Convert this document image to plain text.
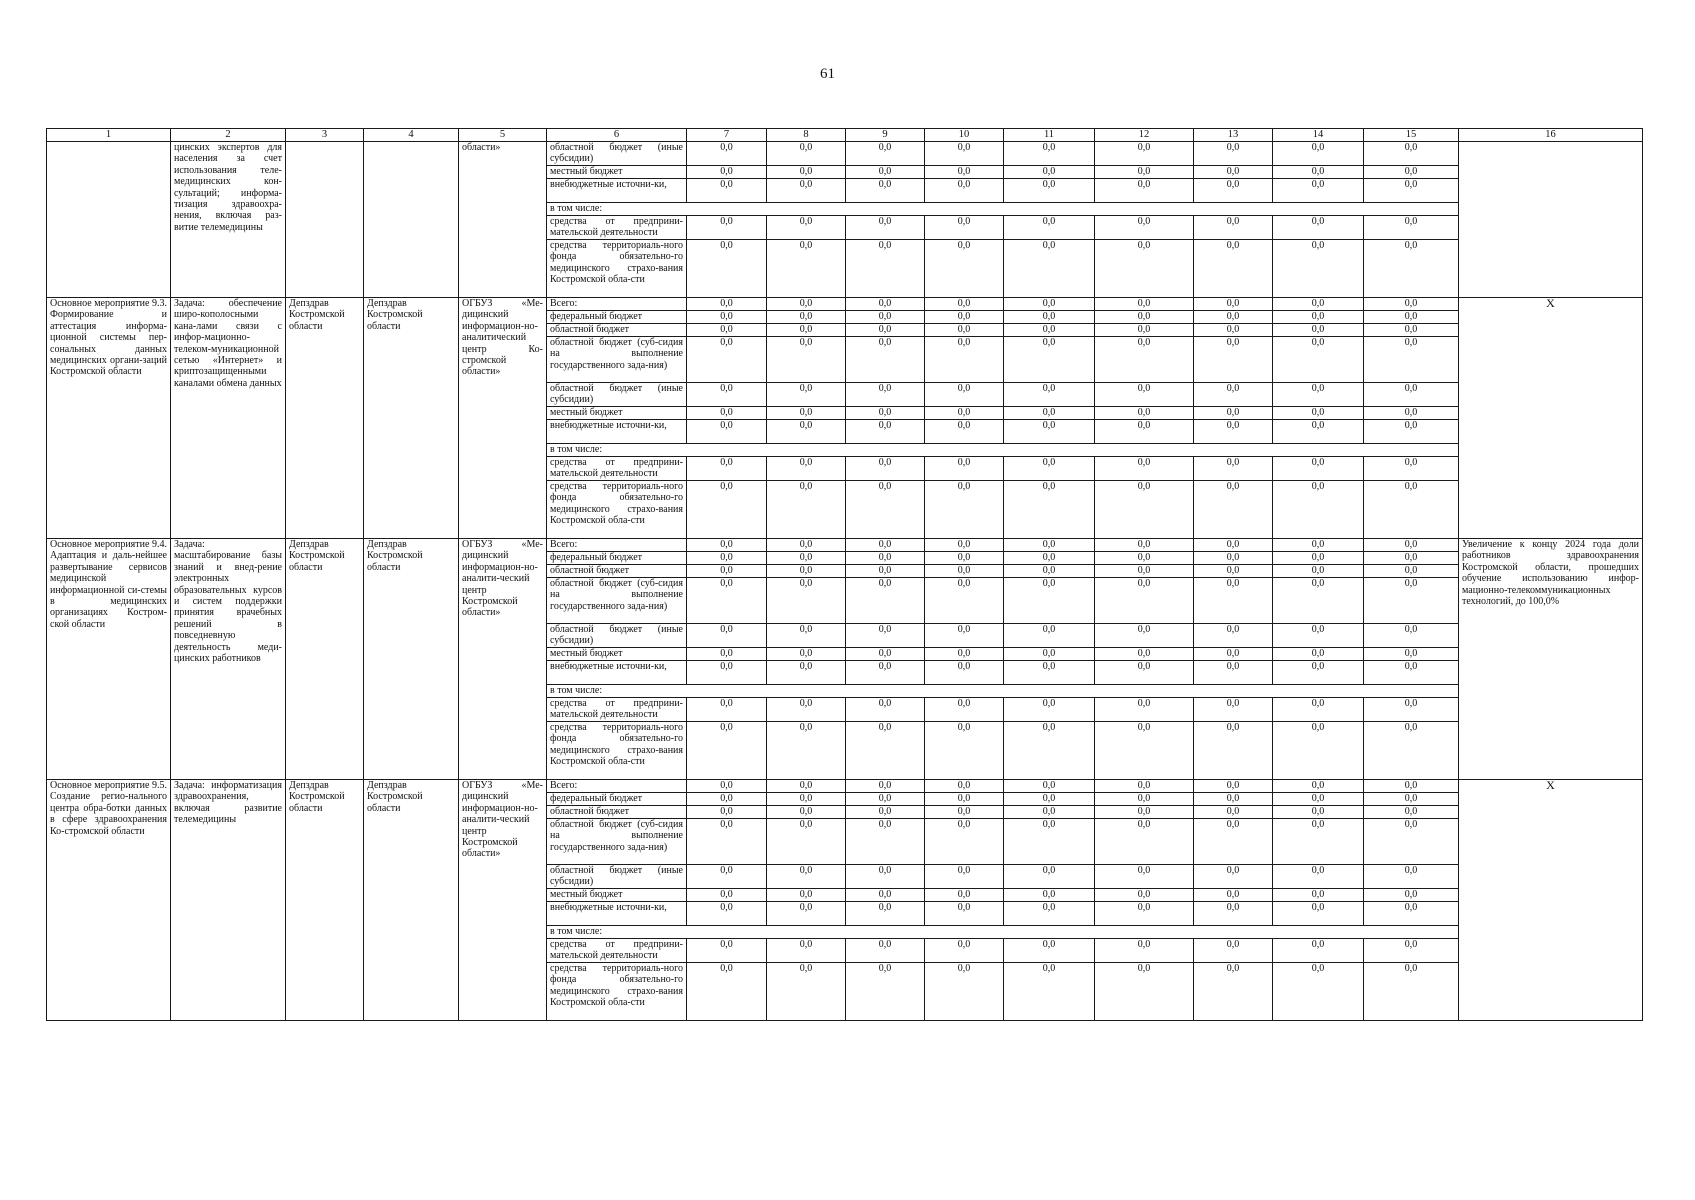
61
1	2	3	4	5	6	7	8	9	10	11	12	13	14	15	16
	цинских экспертов для населения за счет использования теле-медицинских кон-сультаций; информа-тизация здравоохра-нения, включая раз-витие телемедицины			области»	областной бюджет (иные субсидии)	0,0	0,0	0,0	0,0	0,0	0,0	0,0	0,0	0,0	
					местный бюджет	0,0	0,0	0,0	0,0	0,0	0,0	0,0	0,0	0,0	
					внебюджетные источни-ки,	0,0	0,0	0,0	0,0	0,0	0,0	0,0	0,0	0,0	
					в том числе:										
					средства от предприни-мательской деятельности	0,0	0,0	0,0	0,0	0,0	0,0	0,0	0,0	0,0	
					средства территориаль-ного фонда обязательно-го медицинского страхо-вания Костромской обла-сти	0,0	0,0	0,0	0,0	0,0	0,0	0,0	0,0	0,0	
Основное мероприятие 9.3. Формирование и аттестация информа-ционной системы пер-сональных данных медицинских органи-заций Костромской области	Задача: обеспечение широ-кополосными кана-лами связи с инфор-мационно-телеком-муникационной сетью «Интернет» и криптозащищенными каналами обмена данных	Депздрав Костромской области	Депздрав Костромской области	ОГБУЗ «Ме-дицинский информацион-но-аналитический центр Ко-стромской области»	Всего:	0,0	0,0	0,0	0,0	0,0	0,0	0,0	0,0	0,0	Х
					федеральный бюджет	0,0	0,0	0,0	0,0	0,0	0,0	0,0	0,0	0,0	
					областной бюджет	0,0	0,0	0,0	0,0	0,0	0,0	0,0	0,0	0,0	
					областной бюджет (суб-сидия на выполнение государственного зада-ния)	0,0	0,0	0,0	0,0	0,0	0,0	0,0	0,0	0,0	
					областной бюджет (иные субсидии)	0,0	0,0	0,0	0,0	0,0	0,0	0,0	0,0	0,0	
					местный бюджет	0,0	0,0	0,0	0,0	0,0	0,0	0,0	0,0	0,0	
					внебюджетные источни-ки,	0,0	0,0	0,0	0,0	0,0	0,0	0,0	0,0	0,0	
					в том числе:										
					средства от предприни-мательской деятельности	0,0	0,0	0,0	0,0	0,0	0,0	0,0	0,0	0,0	
					средства территориаль-ного фонда обязательно-го медицинского страхо-вания Костромской обла-сти	0,0	0,0	0,0	0,0	0,0	0,0	0,0	0,0	0,0	
Основное мероприятие 9.4. Адаптация и даль-нейшее развертывание сервисов медицинской информационной си-стемы в медицинских организациях Костром-ской области	Задача: масштабирование базы знаний и внед-рение электронных образовательных курсов и систем поддержки принятия врачебных решений в повседневную деятельность меди-цинских работников	Депздрав Костромской области	Депздрав Костромской области	ОГБУЗ «Ме-дицинский информацион-но-аналити-ческий центр Костромской области»	Всего:	0,0	0,0	0,0	0,0	0,0	0,0	0,0	0,0	0,0	Увеличение к концу 2024 года доли работников здравоохранения Костромской области, прошедших обучение использованию инфор-мационно-телекоммуникационных технологий, до 100,0%
					федеральный бюджет	0,0	0,0	0,0	0,0	0,0	0,0	0,0	0,0	0,0	
					областной бюджет	0,0	0,0	0,0	0,0	0,0	0,0	0,0	0,0	0,0	
					областной бюджет (суб-сидия на выполнение государственного зада-ния)	0,0	0,0	0,0	0,0	0,0	0,0	0,0	0,0	0,0	
					областной бюджет (иные субсидии)	0,0	0,0	0,0	0,0	0,0	0,0	0,0	0,0	0,0	
					местный бюджет	0,0	0,0	0,0	0,0	0,0	0,0	0,0	0,0	0,0	
					внебюджетные источни-ки,	0,0	0,0	0,0	0,0	0,0	0,0	0,0	0,0	0,0	
					в том числе:										
					средства от предприни-мательской деятельности	0,0	0,0	0,0	0,0	0,0	0,0	0,0	0,0	0,0	
					средства территориаль-ного фонда обязательно-го медицинского страхо-вания Костромской обла-сти	0,0	0,0	0,0	0,0	0,0	0,0	0,0	0,0	0,0	
Основное мероприятие 9.5. Создание регио-нального центра обра-ботки данных в сфере здравоохранения Ко-стромской области	Задача: информатизация здравоохранения, включая развитие телемедицины	Депздрав Костромской области	Депздрав Костромской области	ОГБУЗ «Ме-дицинский информацион-но-аналити-ческий центр Костромской области»	Всего:	0,0	0,0	0,0	0,0	0,0	0,0	0,0	0,0	0,0	Х
					федеральный бюджет	0,0	0,0	0,0	0,0	0,0	0,0	0,0	0,0	0,0	
					областной бюджет	0,0	0,0	0,0	0,0	0,0	0,0	0,0	0,0	0,0	
					областной бюджет (суб-сидия на выполнение государственного зада-ния)	0,0	0,0	0,0	0,0	0,0	0,0	0,0	0,0	0,0	
					областной бюджет (иные субсидии)	0,0	0,0	0,0	0,0	0,0	0,0	0,0	0,0	0,0	
					местный бюджет	0,0	0,0	0,0	0,0	0,0	0,0	0,0	0,0	0,0	
					внебюджетные источни-ки,	0,0	0,0	0,0	0,0	0,0	0,0	0,0	0,0	0,0	
					в том числе:										
					средства от предприни-мательской деятельности	0,0	0,0	0,0	0,0	0,0	0,0	0,0	0,0	0,0	
					средства территориаль-ного фонда обязательно-го медицинского страхо-вания Костромской обла-сти	0,0	0,0	0,0	0,0	0,0	0,0	0,0	0,0	0,0	
